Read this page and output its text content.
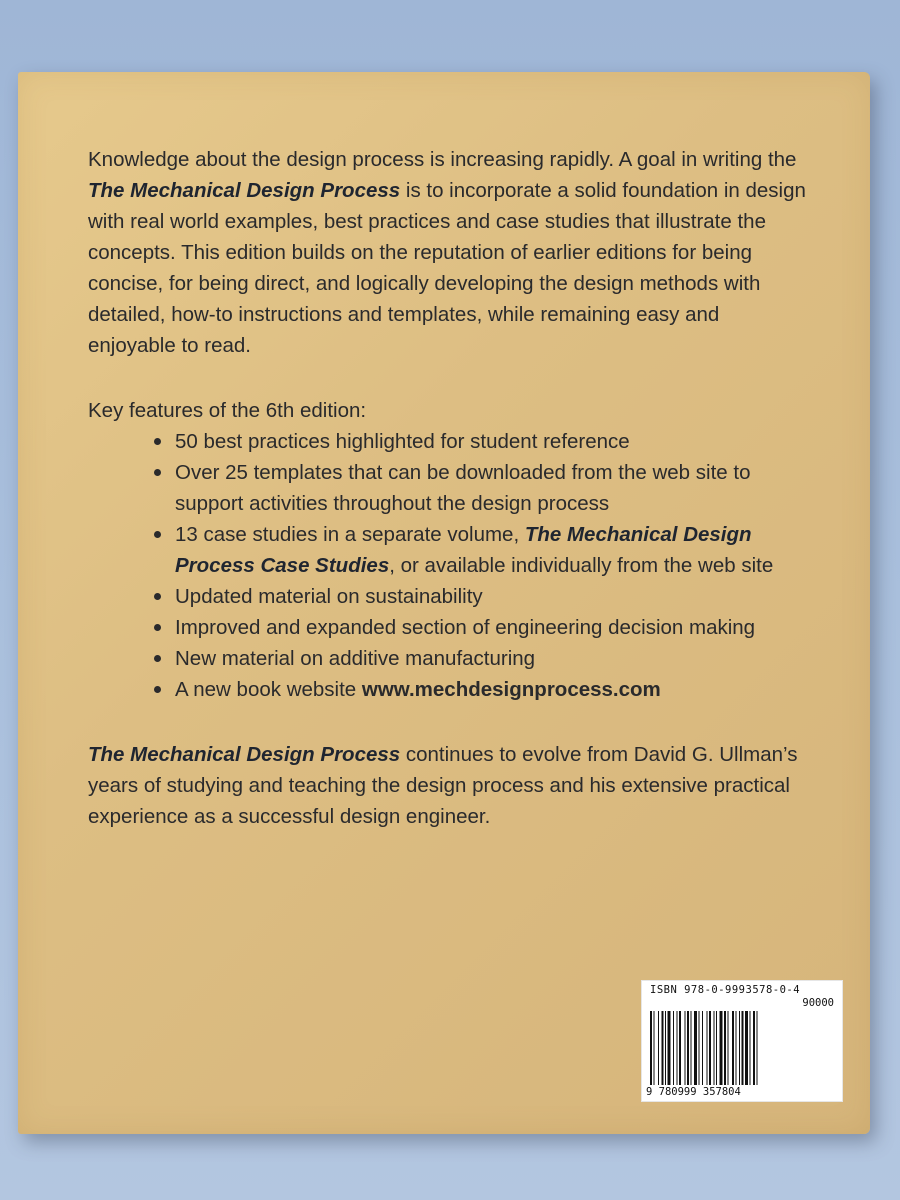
Knowledge about the design process is increasing rapidly. A goal in writing the The Mechanical Design Process is to incorporate a solid foundation in design with real world examples, best practices and case studies that illustrate the concepts. This edition builds on the reputation of earlier editions for being concise, for being direct, and logically developing the design methods with detailed, how-to instructions and templates, while remaining easy and enjoyable to read.

Key features of the 6th edition:

50 best practices highlighted for student reference
Over 25 templates that can be downloaded from the web site to support activities throughout the design process
13 case studies in a separate volume, The Mechanical Design Process Case Studies, or available individually from the web site
Updated material on sustainability
Improved and expanded section of engineering decision making
New material on additive manufacturing
A new book website www.mechdesignprocess.com

The Mechanical Design Process continues to evolve from David G. Ullman’s years of studying and teaching the design process and his extensive practical experience as a successful design engineer.

ISBN 978-0-9993578-0-4
90000
9 780999 357804
